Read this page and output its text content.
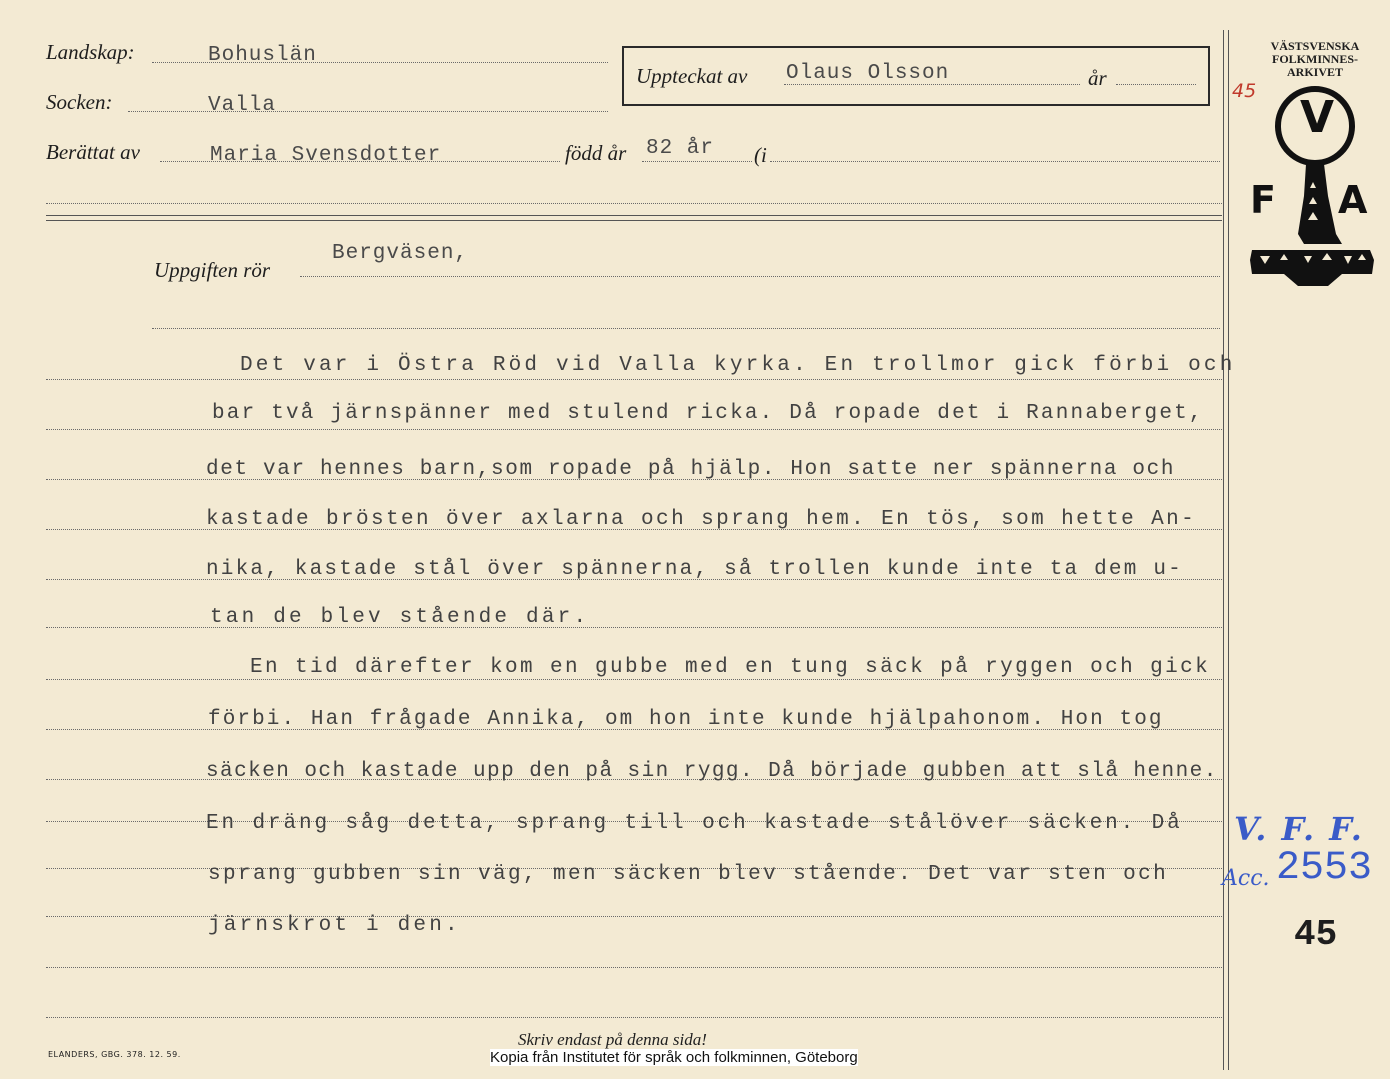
Landskap:	Bohuslän
Socken:	Valla
Berättat av	Maria Svensdotter	född år 82 år (i
Uppteckat av Olaus Olsson	år
Uppgiften rör
Bergväsen,
Det var i Östra Röd vid Valla kyrka. En trollmor gick förbi och
bar två järnspänner med stulend ricka. Då ropade det i Rannaberget,
det var hennes barn,som ropade på hjälp. Hon satte ner spännerna och
kastade brösten över axlarna och sprang hem. En tös, som hette An-
nika, kastade stål över spännerna, så trollen kunde inte ta dem u-
tan de blev stående där.
En tid därefter kom en gubbe med en tung säck på ryggen och gick
förbi. Han frågade Annika, om hon inte kunde hjälpahonom. Hon tog
säcken och kastade upp den på sin rygg. Då började gubben att slå henne.
En dräng såg detta, sprang till och kastade stålöver säcken. Då
sprang gubben sin väg, men säcken blev stående. Det var sten och
järnskrot i den.
VÄSTSVENSKA
FOLKMINNES-
ARKIVET
45
V
F A
V. F. F.
Acc. 2553
45
Skriv endast på denna sida!
ELANDERS, GBG. 378. 12. 59.	Kopia från Institutet för språk och folkminnen, Göteborg
